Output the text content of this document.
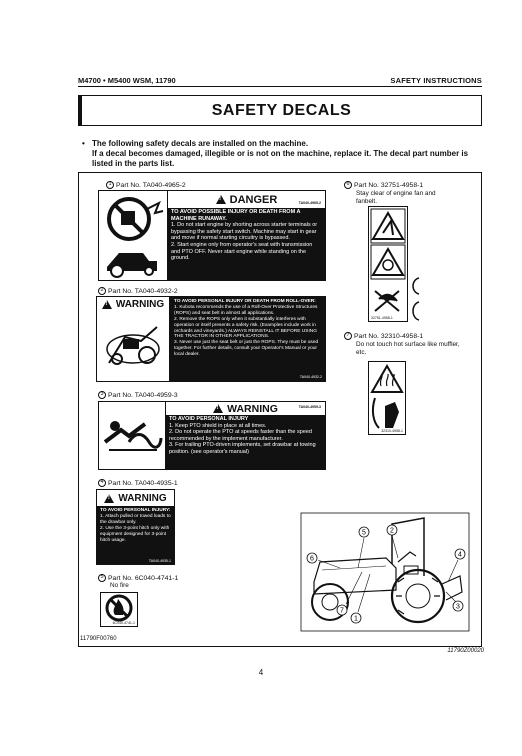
M4700 • M5400 WSM, 11790	SAFETY INSTRUCTIONS
SAFETY DECALS
• The following safety decals are installed on the machine.
If a decal becomes damaged, illegible or is not on the machine, replace it. The decal part number is listed in the parts list.
1 Part No. TA040-4965-2
!
DANGER	TA040-4965-2
TO AVOID POSSIBLE INJURY OR DEATH FROM A MACHINE RUNAWAY.
1. Do not start engine by shorting across starter terminals or bypassing the safety start switch. Machine may start in gear and move if normal starting circuitry is bypassed.
2. Start engine only from operator's seat with transmission and PTO OFF. Never start engine while standing on the ground.
2 Part No. TA040-4932-2
!
WARNING TO AVOID PERSONAL INJURY OR DEATH FROM ROLL-OVER:
1. Kubota recommends the use of a Roll-Over Protective Structures (ROPS) and seat belt in almost all applications.
2. Remove the ROPS only when it substantially interferes with operation or itself presents a safety risk. (Examples include work in orchards and vineyards.) ALWAYS REINSTALL IT BEFORE USING THE TRACTOR IN OTHER APPLICATIONS.
3. Never use just the seat belt or just the ROPS. They must be used together. For further details, consult your Operator's Manual or your local dealer.
TA040-4932-2
3 Part No. TA040-4959-3
!
WARNING	TA040-4959-3
TO AVOID PERSONAL INJURY
1. Keep PTO shield in place at all times.
2. Do not operate the PTO at speeds faster than the speed recommended by the implement manufacturer.
3. For trailing PTO-driven implements, set drawbar at towing position. (see operator's manual)
4 Part No. TA040-4935-1
!
WARNING
TO AVOID PERSONAL INJURY:
1. Attach pulled or towed loads to the drawbar only.
2. Use the 3-point hitch only with equipment designed for 3-point hitch usage.
TA040-4935-1
5 Part No. 6C040-4741-1
No fire
6C040-4741-1
6 Part No. 32751-4958-1
Stay clear of engine fan and fanbelt.
32751-4958-1
7 Part No. 32310-4958-1
Do not touch hot surface like muffler, etc.
32310-4958-1
5	2
6
7
1
4
3
11790F00760
11790Z00020
4
